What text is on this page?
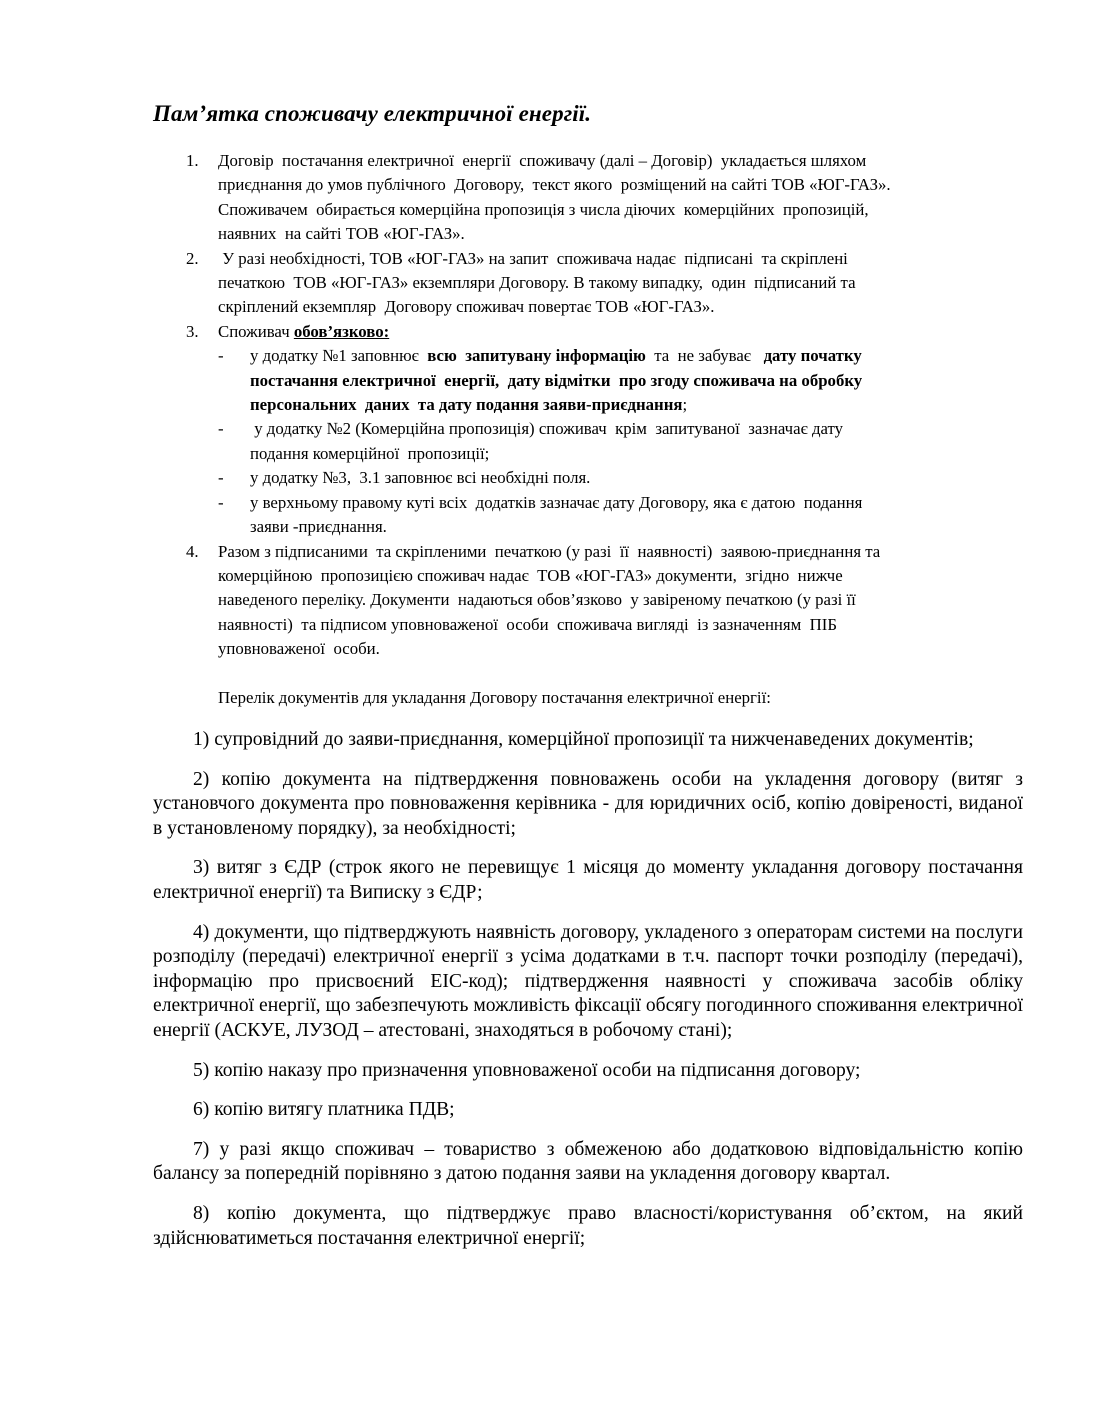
Пам’ятка споживачу електричної енергії.
1. Договір  постачання електричної  енергії  споживачу (далі – Договір)  укладається шляхом
приєднання до умов публічного  Договору,  текст якого  розміщений на сайті ТОВ «ЮГ-ГАЗ».
Споживачем  обирається комерційна пропозиція з числа діючих  комерційних  пропозицій,
наявних  на сайті ТОВ «ЮГ-ГАЗ».
2. У разі необхідності, ТОВ «ЮГ-ГАЗ» на запит  споживача надає  підписані  та скріплені
печаткою  ТОВ «ЮГ-ГАЗ» екземпляри Договору. В такому випадку,  один  підписаний та
скріплений екземпляр  Договору споживач повертає ТОВ «ЮГ-ГАЗ».
3. Споживач обов’язково:
- у додатку №1 заповнює  всю  запитувану інформацію  та  не забуває   дату початку
постачання електричної  енергії,  дату відмітки  про згоду споживача на обробку
персональних  даних  та дату подання заяви-приєднання;
- у додатку №2 (Комерційна пропозиція) споживач  крім  запитуваної  зазначає дату
подання комерційної  пропозиції;
- у додатку №3,  3.1 заповнює всі необхідні поля.
- у верхньому правому куті всіх  додатків зазначає дату Договору, яка є датою  подання
заяви -приєднання.
4. Разом з підписаними  та скріпленими  печаткою (у разі  її  наявності)  заявою-приєднання та
комерційною  пропозицією споживач надає  ТОВ «ЮГ-ГАЗ» документи,  згідно  нижче
наведеного переліку. Документи  надаються обов’язково  у завіреному печаткою (у разі її
наявності)  та підписом уповноваженої  особи  споживача вигляді  із зазначенням  ПІБ
уповноваженої  особи.
Перелік документів для укладання Договору постачання електричної енергії:

1) супровідний до заяви-приєднання, комерційної пропозиції та нижченаведених документів;

2) копію документа на підтвердження повноважень особи на укладення договору (витяг з установчого документа про повноваження керівника - для юридичних осіб, копію довіреності, виданої в установленому порядку), за необхідності;

3) витяг з ЄДР (строк якого не перевищує 1 місяця до моменту укладання договору постачання електричної енергії) та Виписку з ЄДР;

4) документи, що підтверджують наявність договору, укладеного з операторам системи на послуги розподілу (передачі) електричної енергії з усіма додатками в т.ч. паспорт точки розподілу (передачі), інформацію про присвоєний ЕІС-код); підтвердження наявності у споживача засобів обліку електричної енергії, що забезпечують можливість фіксації обсягу погодинного споживання електричної енергії (АСКУЕ, ЛУЗОД – атестовані, знаходяться в робочому стані);

5) копію наказу про призначення уповноваженої особи на підписання договору;

6) копію витягу платника ПДВ;

7) у разі якщо споживач – товариство з обмеженою або додатковою відповідальністю копію балансу за попередній порівняно з датою подання заяви на укладення договору квартал.

8) копію документа, що підтверджує право власності/користування об’єктом, на який здійснюватиметься постачання електричної енергії;
